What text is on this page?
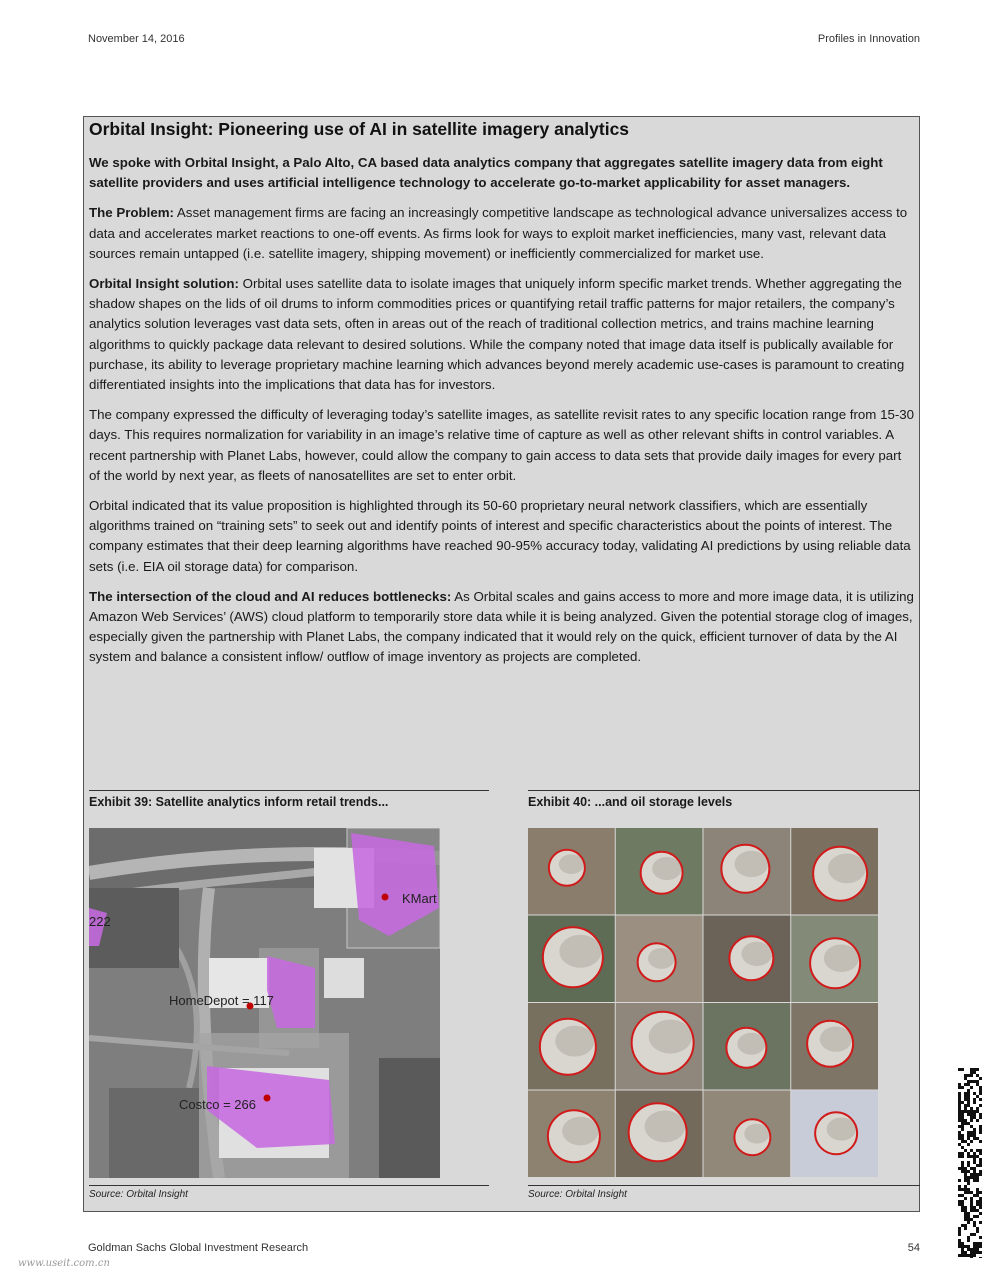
November 14, 2016	Profiles in Innovation
Orbital Insight: Pioneering use of AI in satellite imagery analytics

We spoke with Orbital Insight, a Palo Alto, CA based data analytics company that aggregates satellite imagery data from eight satellite providers and uses artificial intelligence technology to accelerate go-to-market applicability for asset managers.

The Problem: Asset management firms are facing an increasingly competitive landscape as technological advance universalizes access to data and accelerates market reactions to one-off events. As firms look for ways to exploit market inefficiencies, many vast, relevant data sources remain untapped (i.e. satellite imagery, shipping movement) or inefficiently commercialized for market use.

Orbital Insight solution: Orbital uses satellite data to isolate images that uniquely inform specific market trends. Whether aggregating the shadow shapes on the lids of oil drums to inform commodities prices or quantifying retail traffic patterns for major retailers, the company’s analytics solution leverages vast data sets, often in areas out of the reach of traditional collection metrics, and trains machine learning algorithms to quickly package data relevant to desired solutions. While the company noted that image data itself is publically available for purchase, its ability to leverage proprietary machine learning which advances beyond merely academic use-cases is paramount to creating differentiated insights into the implications that data has for investors.

The company expressed the difficulty of leveraging today’s satellite images, as satellite revisit rates to any specific location range from 15-30 days. This requires normalization for variability in an image’s relative time of capture as well as other relevant shifts in control variables. A recent partnership with Planet Labs, however, could allow the company to gain access to data sets that provide daily images for every part of the world by next year, as fleets of nanosatellites are set to enter orbit.

Orbital indicated that its value proposition is highlighted through its 50-60 proprietary neural network classifiers, which are essentially algorithms trained on “training sets” to seek out and identify points of interest and specific characteristics about the points of interest. The company estimates that their deep learning algorithms have reached 90-95% accuracy today, validating AI predictions by using reliable data sets (i.e. EIA oil storage data) for comparison.

The intersection of the cloud and AI reduces bottlenecks: As Orbital scales and gains access to more and more image data, it is utilizing Amazon Web Services’ (AWS) cloud platform to temporarily store data while it is being analyzed. Given the potential storage clog of images, especially given the partnership with Planet Labs, the company indicated that it would rely on the quick, efficient turnover of data by the AI system and balance a consistent inflow/ outflow of image inventory as projects are completed.

Exhibit 39: Satellite analytics inform retail trends...
KMart
222
HomeDepot = 117
Costco = 266
Exhibit 40: ...and oil storage levels
Source: Orbital Insight	Source: Orbital Insight
Goldman Sachs Global Investment Research	54
www.useit.com.cn
